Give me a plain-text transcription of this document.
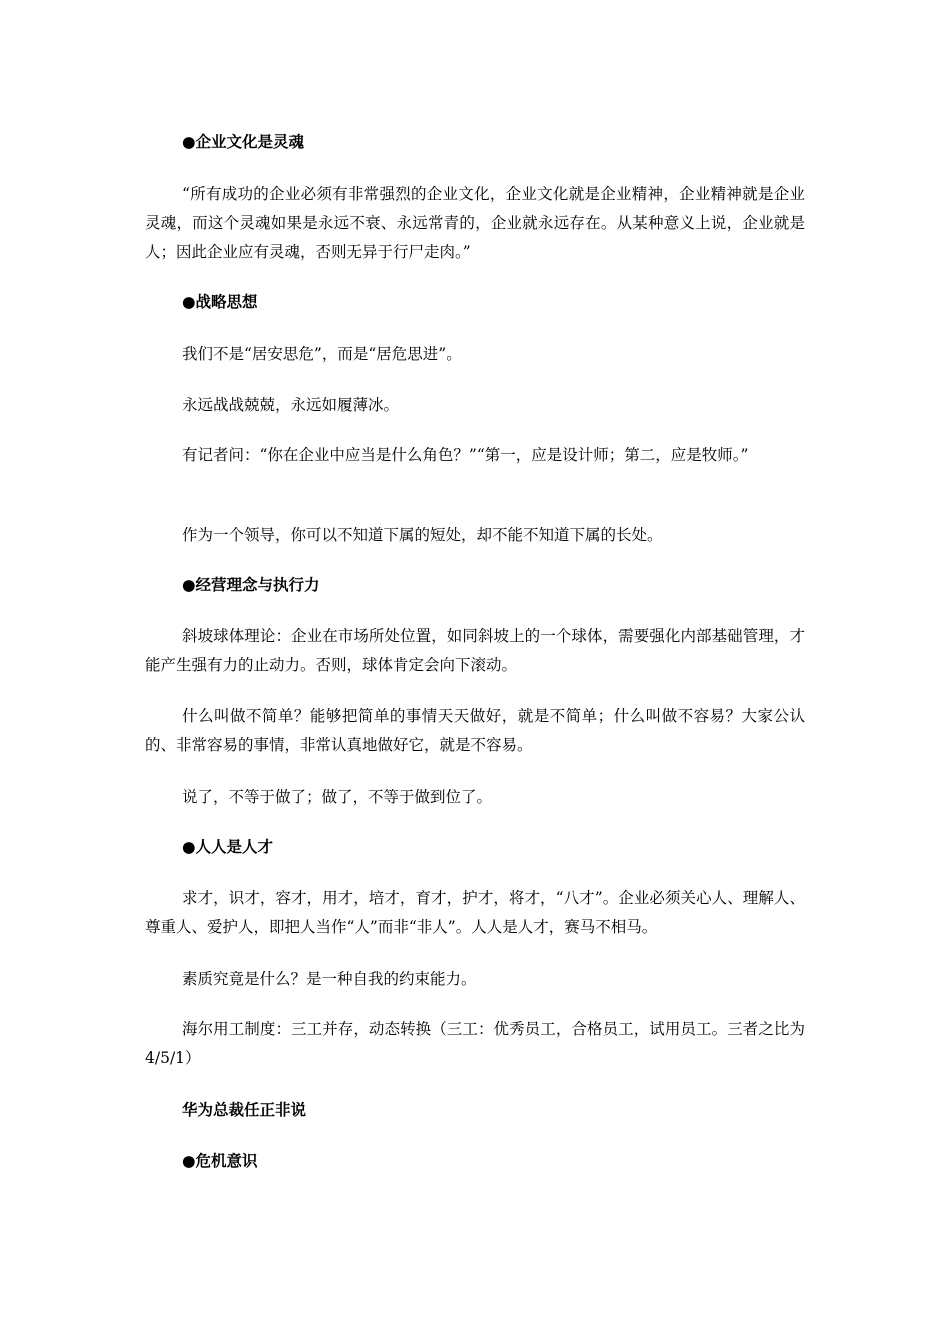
●企业文化是灵魂

“所有成功的企业必须有非常强烈的企业文化，企业文化就是企业精神，企业精神就是企业灵魂，而这个灵魂如果是永远不衰、永远常青的，企业就永远存在。从某种意义上说，企业就是人；因此企业应有灵魂，否则无异于行尸走肉。”

●战略思想

我们不是“居安思危”，而是“居危思进”。

永远战战兢兢，永远如履薄冰。

有记者问：“你在企业中应当是什么角色？”“第一，应是设计师；第二，应是牧师。”

作为一个领导，你可以不知道下属的短处，却不能不知道下属的长处。

●经营理念与执行力

斜坡球体理论：企业在市场所处位置，如同斜坡上的一个球体，需要强化内部基础管理，才能产生强有力的止动力。否则，球体肯定会向下滚动。

什么叫做不简单？能够把简单的事情天天做好，就是不简单；什么叫做不容易？大家公认的、非常容易的事情，非常认真地做好它，就是不容易。

说了，不等于做了；做了，不等于做到位了。

●人人是人才

求才，识才，容才，用才，培才，育才，护才，将才，“八才”。企业必须关心人、理解人、尊重人、爱护人，即把人当作“人”而非“非人”。人人是人才，赛马不相马。

素质究竟是什么？是一种自我的约束能力。

海尔用工制度：三工并存，动态转换（三工：优秀员工，合格员工，试用员工。三者之比为 4/5/1）

华为总裁任正非说
●危机意识
